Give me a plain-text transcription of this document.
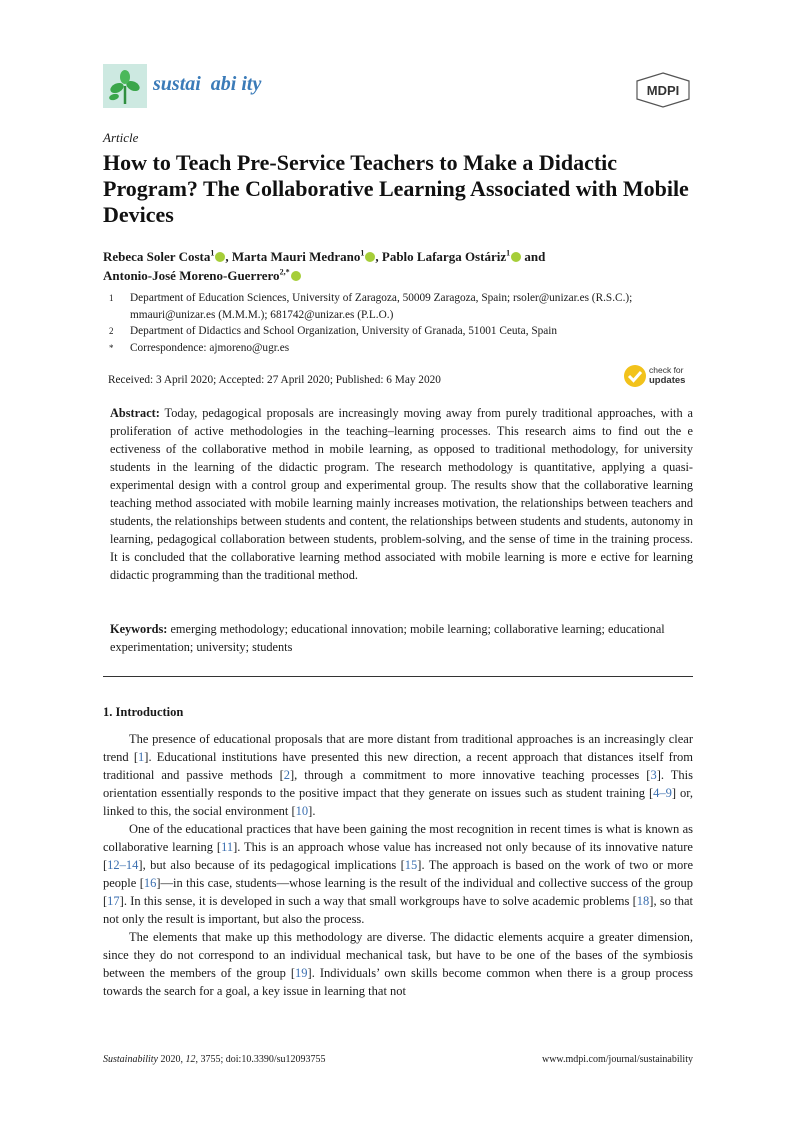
sustai  abi ity	MDPI
Article
How to Teach Pre-Service Teachers to Make a Didactic Program? The Collaborative Learning Associated with Mobile Devices
Rebeca Soler Costa$^1$ , Marta Mauri Medrano$^1$ , Pablo Lafarga Ostáriz$^1$ and
Antonio-José Moreno-Guerrero$^{2,*}$
1 Department of Education Sciences, University of Zaragoza, 50009 Zaragoza, Spain; rsoler@unizar.es (R.S.C.); mmauri@unizar.es (M.M.M.); 681742@unizar.es (P.L.O.)
2 Department of Didactics and School Organization, University of Granada, 51001 Ceuta, Spain
* Correspondence: ajmoreno@ugr.es
Received: 3 April 2020; Accepted: 27 April 2020; Published: 6 May 2020
check for
updates
Abstract: Today, pedagogical proposals are increasingly moving away from purely traditional approaches, with a proliferation of active methodologies in the teaching–learning processes. This research aims to find out the e ectiveness of the collaborative method in mobile learning, as opposed to traditional methodology, for university students in the learning of the didactic program. The research methodology is quantitative, applying a quasi-experimental design with a control group and experimental group. The results show that the collaborative learning teaching method associated with mobile learning mainly increases motivation, the relationships between teachers and students, the relationships between students and content, the relationships between students and students, autonomy in learning, pedagogical collaboration between students, problem-solving, and the sense of time in the training process. It is concluded that the collaborative learning method associated with mobile learning is more e ective for learning didactic programming than the traditional method.
Keywords: emerging methodology; educational innovation; mobile learning; collaborative learning; educational experimentation; university; students
1. Introduction

The presence of educational proposals that are more distant from traditional approaches is an increasingly clear trend [1]. Educational institutions have presented this new direction, a recent approach that distances itself from traditional and passive methods [2], through a commitment to more innovative teaching processes [3]. This orientation essentially responds to the positive impact that they generate on issues such as student training [4–9] or, linked to this, the social environment [10].

One of the educational practices that have been gaining the most recognition in recent times is what is known as collaborative learning [11]. This is an approach whose value has increased not only because of its innovative nature [12–14], but also because of its pedagogical implications [15]. The approach is based on the work of two or more people [16]—in this case, students—whose learning is the result of the individual and collective success of the group [17]. In this sense, it is developed in such a way that small workgroups have to solve academic problems [18], so that not only the result is important, but also the process.

The elements that make up this methodology are diverse. The didactic elements acquire a greater dimension, since they do not correspond to an individual mechanical task, but have to be one of the bases of the symbiosis between the members of the group [19]. Individuals’ own skills become common when there is a group process towards the search for a goal, a key issue in learning that not

Sustainability 2020, 12, 3755; doi:10.3390/su12093755	www.mdpi.com/journal/sustainability
